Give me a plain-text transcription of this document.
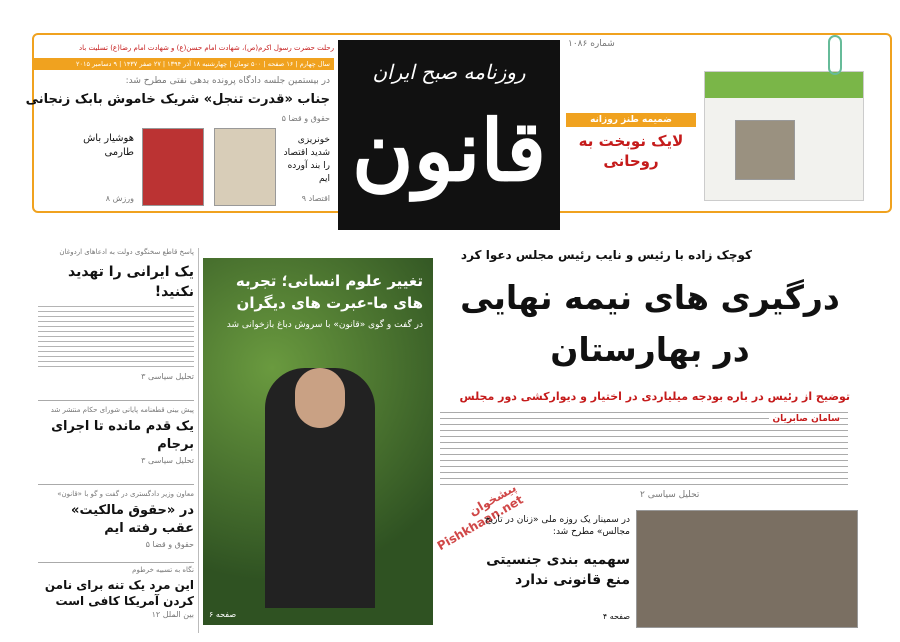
رحلت حضرت رسول اکرم(ص)، شهادت امام حسن(ع) و شهادت امام رضا(ع) تسلیت باد
سال چهارم | ۱۶ صفحه | ۵۰۰ تومان | چهارشنبه ۱۸ آذر ۱۳۹۴ | ۲۷ صفر ۱۴۳۷ | ۹ دسامبر ۲۰۱۵
در بیستمین جلسه دادگاه پرونده بدهی نفتی مطرح شد:
جناب «قدرت تنجل» شریک خاموش بابک زنجانی
حقوق و قضا ۵
خونریزی شدید اقتصاد را بند آورده ایم
اقتصاد ۹
هوشیار باش طارمی
ورزش ۸
روزنامه صبح ایران
قانون
شماره ۱۰۸۶
ضمیمه طنز روزانه
لایک نوبخت به روحانی
کوچک زاده با رئیس و نایب رئیس مجلس دعوا کرد
درگیری های نیمه نهایی در بهارستان
توضیح از رئیس در باره بودجه میلیاردی در اختیار و دیوارکشی دور مجلس
سامان صابریان
تحلیل سیاسی ۲
تغییر علوم انسانی؛ تجربه های ما-عبرت های دیگران
در گفت و گوی «قانون» با سروش دباغ بازخوانی شد
صفحه ۶
پیشخوان Pishkhaan.net
در سمینار یک روزه ملی «زنان در تاریخ مجالس» مطرح شد:
سهمیه بندی جنسیتی منع قانونی ندارد
صفحه ۴
پاسخ قاطع سخنگوی دولت به ادعاهای اردوغان
یک ایرانی را تهدید نکنید!
تحلیل سیاسی ۳
پیش بینی قطعنامه پایانی شورای حکام منتشر شد
یک قدم مانده تا اجرای برجام
تحلیل سیاسی ۳
معاون وزیر دادگستری در گفت و گو با «قانون»
در «حقوق مالکیت» عقب رفته ایم
حقوق و قضا ۵
نگاه به تسبیه خرطوم
این مرد یک تنه برای نامن کردن آمریکا کافی است
بین الملل ۱۲
